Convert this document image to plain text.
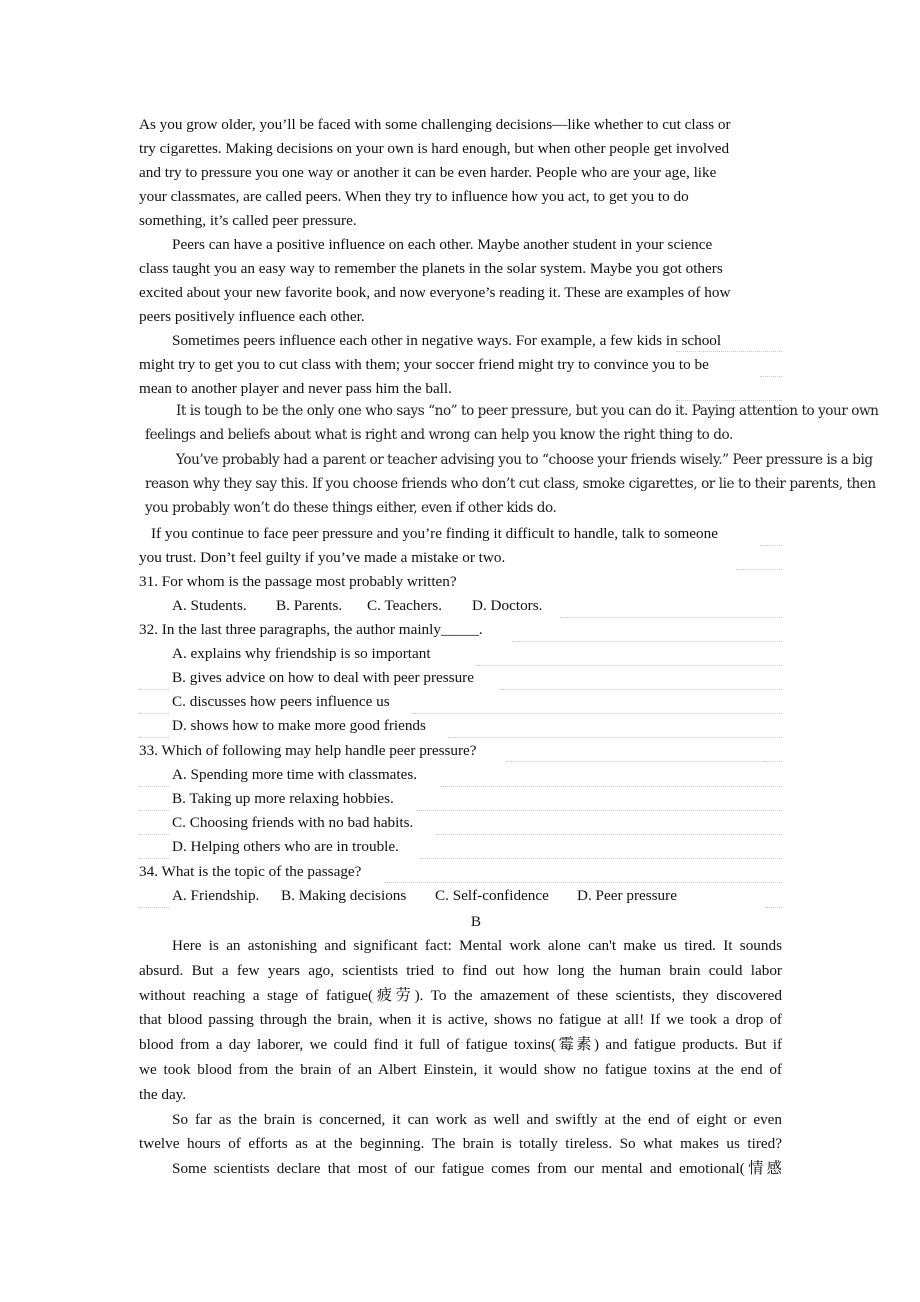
As you grow older, you’ll be faced with some challenging decisions—like whether to cut class or
try cigarettes. Making decisions on your own is hard enough, but when other people get involved
and try to pressure you one way or another it can be even harder. People who are your age, like
your classmates, are called peers. When they try to influence how you act, to get you to do
something, it’s called peer pressure.
Peers can have a positive influence on each other. Maybe another student in your science
class taught you an easy way to remember the planets in the solar system. Maybe you got others
excited about your new favorite book, and now everyone’s reading it. These are examples of how
peers positively influence each other.
Sometimes peers influence each other in negative ways. For example, a few kids in school
might try to get you to cut class with them; your soccer friend might try to convince you to be
mean to another player and never pass him the ball.
It is tough to be the only one who says “no” to peer pressure, but you can do it. Paying attention to your own
feelings and beliefs about what is right and wrong can help you know the right thing to do.
You’ve probably had a parent or teacher advising you to “choose your friends wisely.” Peer pressure is a big
reason why they say this. If you choose friends who don’t cut class, smoke cigarettes, or lie to their parents, then
you probably won’t do these things either, even if other kids do.
If you continue to face peer pressure and you’re finding it difficult to handle, talk to someone
you trust. Don’t feel guilty if you’ve made a mistake or two.
31. For whom is the passage most probably written?
A. Students. B. Parents. C. Teachers. D. Doctors.
32. In the last three paragraphs, the author mainly_____.
A. explains why friendship is so important
B. gives advice on how to deal with peer pressure
C. discusses how peers influence us
D. shows how to make more good friends
33. Which of following may help handle peer pressure?
A. Spending more time with classmates.
B. Taking up more relaxing hobbies.
C. Choosing friends with no bad habits.
D. Helping others who are in trouble.
34. What is the topic of the passage?
A. Friendship. B. Making decisions C. Self-confidence D. Peer pressure
B
Here is an astonishing and significant fact: Mental work alone can't make us tired. It sounds
absurd. But a few years ago, scientists tried to find out how long the human brain could labor
without reaching a stage of fatigue(疲劳). To the amazement of these scientists, they discovered
that blood passing through the brain, when it is active, shows no fatigue at all! If we took a drop of
blood from a day laborer, we could find it full of fatigue toxins(霉素) and fatigue products. But if
we took blood from the brain of an Albert Einstein, it would show no fatigue toxins at the end of
the day.
So far as the brain is concerned, it can work as well and swiftly at the end of eight or even
twelve hours of efforts as at the beginning. The brain is totally tireless. So what makes us tired?
Some scientists declare that most of our fatigue comes from our mental and emotional(情感
